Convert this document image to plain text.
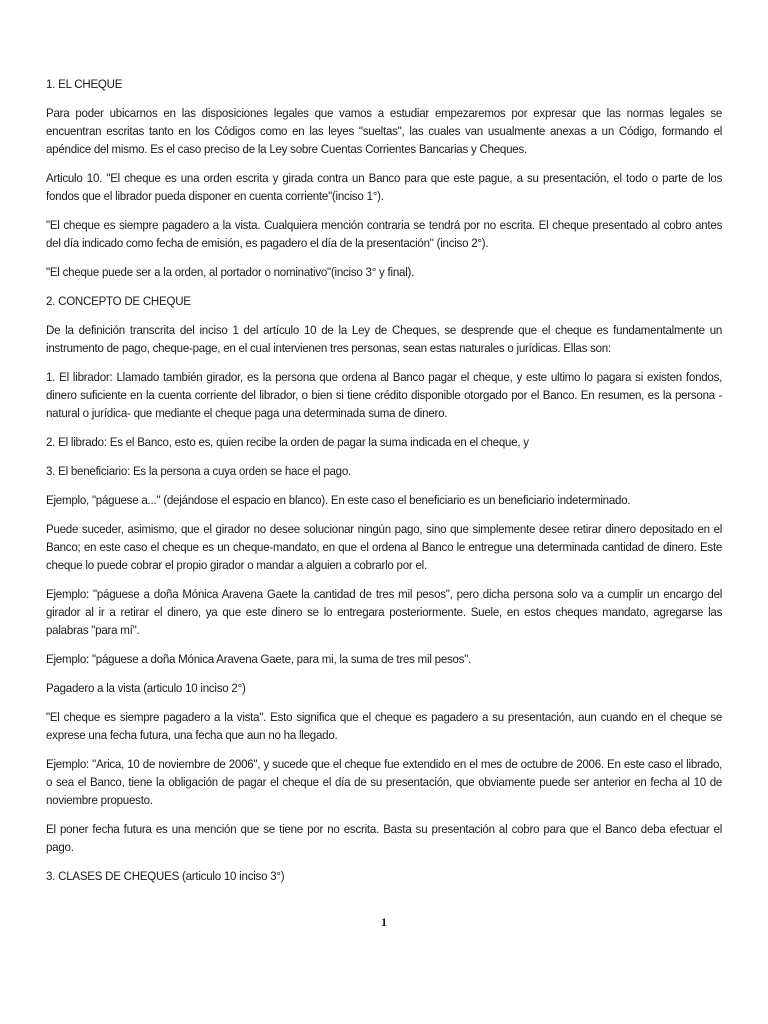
1. EL CHEQUE

Para poder ubicarnos en las disposiciones legales que vamos a estudiar empezaremos por expresar que las normas legales se encuentran escritas tanto en los Códigos como en las leyes "sueltas", las cuales van usualmente anexas a un Código, formando el apéndice del mismo. Es el caso preciso de la Ley sobre Cuentas Corrientes Bancarias y Cheques.

Articulo 10. "El cheque es una orden escrita y girada contra un Banco para que este pague, a su presentación, el todo o parte de los fondos que el librador pueda disponer en cuenta corriente"(inciso 1°).

"El cheque es siempre pagadero a la vista. Cualquiera mención contraria se tendrá por no escrita. El cheque presentado al cobro antes del día indicado como fecha de emisión, es pagadero el día de la presentación" (inciso 2°).

"El cheque puede ser a la orden, al portador o nominativo"(inciso 3° y final).

2. CONCEPTO DE CHEQUE

De la definición transcrita del inciso 1 del artículo 10 de la Ley de Cheques, se desprende que el cheque es fundamentalmente un instrumento de pago, cheque-page, en el cual intervienen tres personas, sean estas naturales o jurídicas. Ellas son:

1. El librador: Llamado también girador, es la persona que ordena al Banco pagar el cheque, y este ultimo lo pagara si existen fondos, dinero suficiente en la cuenta corriente del librador, o bien si tiene crédito disponible otorgado por el Banco. En resumen, es la persona -natural o jurídica- que mediante el cheque paga una determinada suma de dinero.

2. El librado: Es el Banco, esto es, quien recibe la orden de pagar la suma indicada en el cheque, y

3. El beneficiario: Es la persona a cuya orden se hace el pago.

Ejemplo, "páguese a..." (dejándose el espacio en blanco). En este caso el beneficiario es un beneficiario indeterminado.

Puede suceder, asimismo, que el girador no desee solucionar ningún pago, sino que simplemente desee retirar dinero depositado en el Banco; en este caso el cheque es un cheque-mandato, en que el ordena al Banco le entregue una determinada cantidad de dinero. Este cheque lo puede cobrar el propio girador o mandar a alguien a cobrarlo por el.

Ejemplo: "páguese a doña Mónica Aravena Gaete la cantidad de tres mil pesos", pero dicha persona solo va a cumplir un encargo del girador al ir a retirar el dinero, ya que este dinero se lo entregara posteriormente. Suele, en estos cheques mandato, agregarse las palabras "para mí".

Ejemplo: "páguese a doña Mónica Aravena Gaete, para mi, la suma de tres mil pesos".

Pagadero a la vista (articulo 10 inciso 2°)

"El cheque es siempre pagadero a la vista". Esto significa que el cheque es pagadero a su presentación, aun cuando en el cheque se exprese una fecha futura, una fecha que aun no ha llegado.

Ejemplo: "Arica, 10 de noviembre de 2006", y sucede que el cheque fue extendido en el mes de octubre de 2006. En este caso el librado, o sea el Banco, tiene la obligación de pagar el cheque el día de su presentación, que obviamente puede ser anterior en fecha al 10 de noviembre propuesto.

El poner fecha futura es una mención que se tiene por no escrita. Basta su presentación al cobro para que el Banco deba efectuar el pago.

3. CLASES DE CHEQUES (articulo 10 inciso 3°)

1
